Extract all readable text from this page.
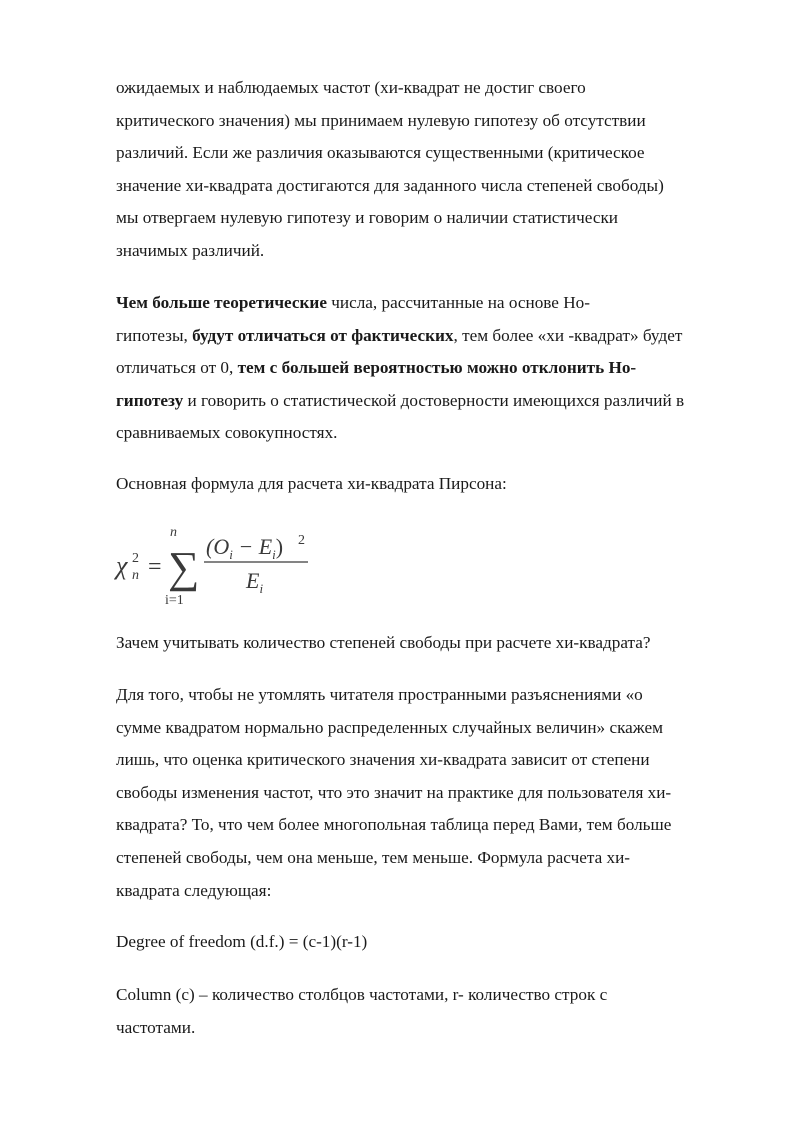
ожидаемых и наблюдаемых частот (хи-квадрат не достиг своего
критического значения) мы принимаем нулевую гипотезу об отсутствии
различий. Если же различия оказываются существенными (критическое
значение хи-квадрата достигаются для заданного числа степеней свободы)
мы отвергаем нулевую гипотезу и говорим о наличии статистически
значимых различий.
Чем больше теоретические числа, рассчитанные на основе Но-
гипотезы, будут отличаться от фактических, тем более «хи -квадрат» будет
отличаться от 0, тем с большей вероятностью можно отклонить Но-
гипотезу и говорить о статистической достоверности имеющихся различий в
сравниваемых совокупностях.
Основная формула для расчета хи-квадрата Пирсона:
χ 2
n =
n
∑
i=1
$(O_i - E_i)$ 2
$E_i$
Зачем учитывать количество степеней свободы при расчете хи-квадрата?
Для того, чтобы не утомлять читателя пространными разъяснениями «о
сумме квадратом нормально распределенных случайных величин» скажем
лишь, что оценка критического значения хи-квадрата зависит от степени
свободы изменения частот, что это значит на практике для пользователя хи-
квадрата? То, что чем более многопольная таблица перед Вами, тем больше
степеней свободы, чем она меньше, тем меньше. Формула расчета хи-
квадрата следующая:
Degree of freedom (d.f.) = (c-1)(r-1)
Column (c) – количество столбцов частотами, r- количество строк с
частотами.
